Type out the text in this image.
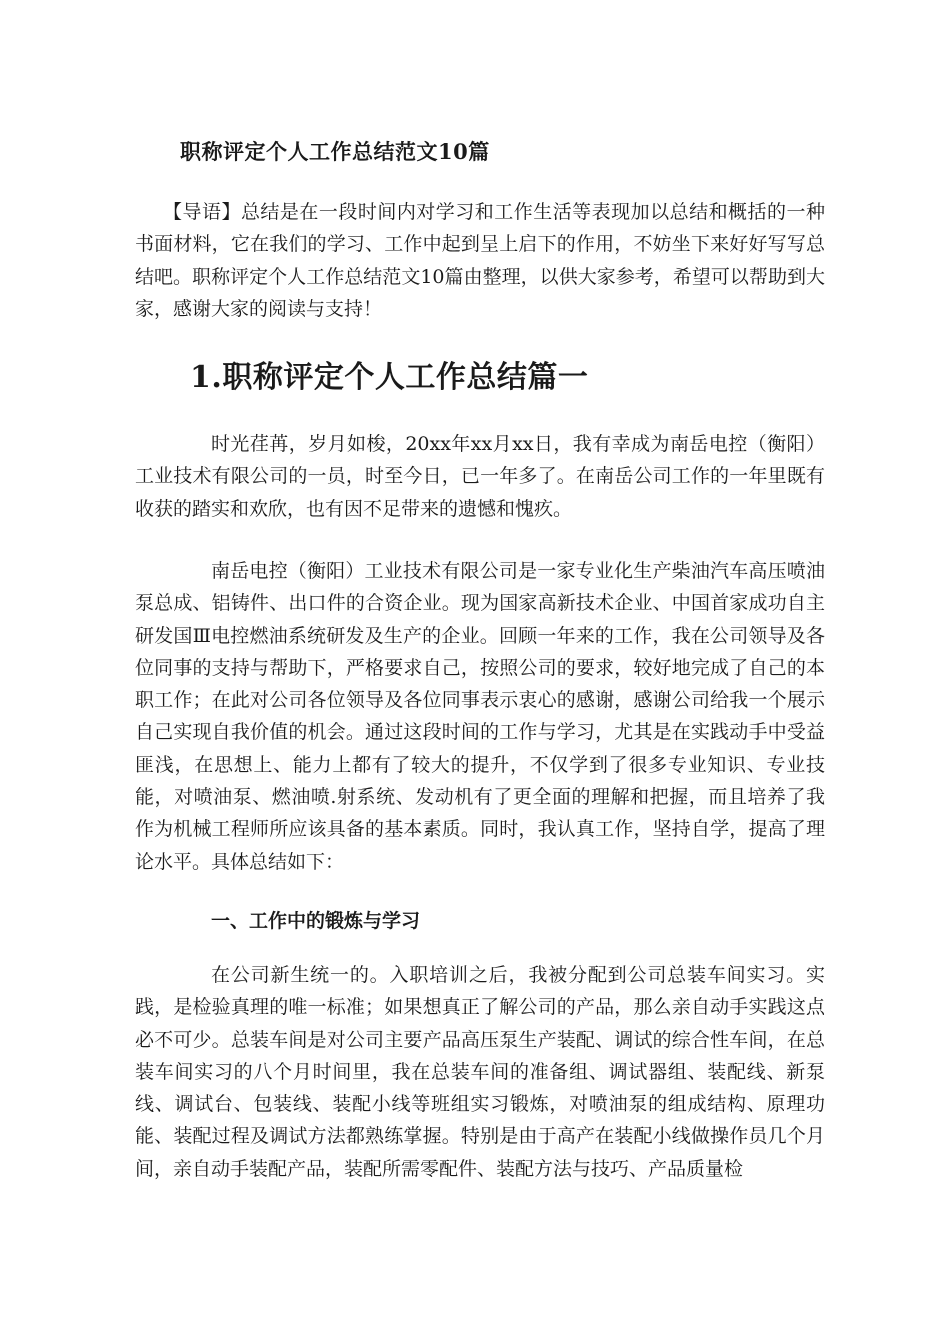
职称评定个人工作总结范文10篇

【导语】总结是在一段时间内对学习和工作生活等表现加以总结和概括的一种书面材料，它在我们的学习、工作中起到呈上启下的作用，不妨坐下来好好写写总结吧。职称评定个人工作总结范文10篇由整理，以供大家参考，希望可以帮助到大家，感谢大家的阅读与支持！

1.职称评定个人工作总结篇一

时光荏苒，岁月如梭，20xx年xx月xx日，我有幸成为南岳电控（衡阳）工业技术有限公司的一员，时至今日，已一年多了。在南岳公司工作的一年里既有收获的踏实和欢欣，也有因不足带来的遗憾和愧疚。

南岳电控（衡阳）工业技术有限公司是一家专业化生产柴油汽车高压喷油泵总成、铝铸件、出口件的合资企业。现为国家高新技术企业、中国首家成功自主研发国Ⅲ电控燃油系统研发及生产的企业。回顾一年来的工作，我在公司领导及各位同事的支持与帮助下，严格要求自己，按照公司的要求，较好地完成了自己的本职工作；在此对公司各位领导及各位同事表示衷心的感谢，感谢公司给我一个展示自己实现自我价值的机会。通过这段时间的工作与学习，尤其是在实践动手中受益匪浅，在思想上、能力上都有了较大的提升，不仅学到了很多专业知识、专业技能，对喷油泵、燃油喷.射系统、发动机有了更全面的理解和把握，而且培养了我作为机械工程师所应该具备的基本素质。同时，我认真工作，坚持自学，提高了理论水平。具体总结如下：

一、工作中的锻炼与学习

在公司新生统一的。入职培训之后，我被分配到公司总装车间实习。实践，是检验真理的唯一标准；如果想真正了解公司的产品，那么亲自动手实践这点必不可少。总装车间是对公司主要产品高压泵生产装配、调试的综合性车间，在总装车间实习的八个月时间里，我在总装车间的准备组、调试器组、装配线、新泵线、调试台、包装线、装配小线等班组实习锻炼，对喷油泵的组成结构、原理功能、装配过程及调试方法都熟练掌握。特别是由于高产在装配小线做操作员几个月间，亲自动手装配产品，装配所需零配件、装配方法与技巧、产品质量检
